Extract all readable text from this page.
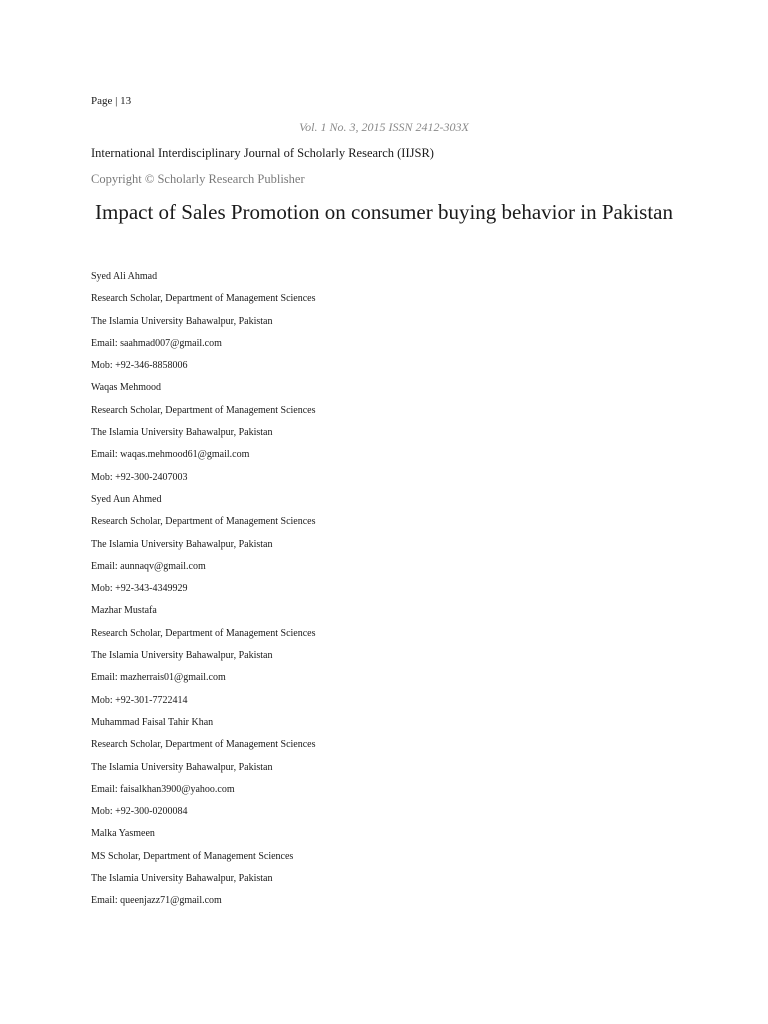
Page | 13
Vol. 1 No. 3, 2015 ISSN 2412-303X
International Interdisciplinary Journal of Scholarly Research (IIJSR)
Copyright © Scholarly Research Publisher
Impact of Sales Promotion on consumer buying behavior in Pakistan
Syed Ali Ahmad
Research Scholar, Department of Management Sciences
The Islamia University Bahawalpur, Pakistan
Email: saahmad007@gmail.com
Mob: +92-346-8858006
Waqas Mehmood
Research Scholar, Department of Management Sciences
The Islamia University Bahawalpur, Pakistan
Email: waqas.mehmood61@gmail.com
Mob: +92-300-2407003
Syed Aun Ahmed
Research Scholar, Department of Management Sciences
The Islamia University Bahawalpur, Pakistan
Email: aunnaqv@gmail.com
Mob: +92-343-4349929
Mazhar Mustafa
Research Scholar, Department of Management Sciences
The Islamia University Bahawalpur, Pakistan
Email: mazherrais01@gmail.com
Mob: +92-301-7722414
Muhammad Faisal Tahir Khan
Research Scholar, Department of Management Sciences
The Islamia University Bahawalpur, Pakistan
Email: faisalkhan3900@yahoo.com
Mob: +92-300-0200084
Malka Yasmeen
MS Scholar, Department of Management Sciences
The Islamia University Bahawalpur, Pakistan
Email: queenjazz71@gmail.com
